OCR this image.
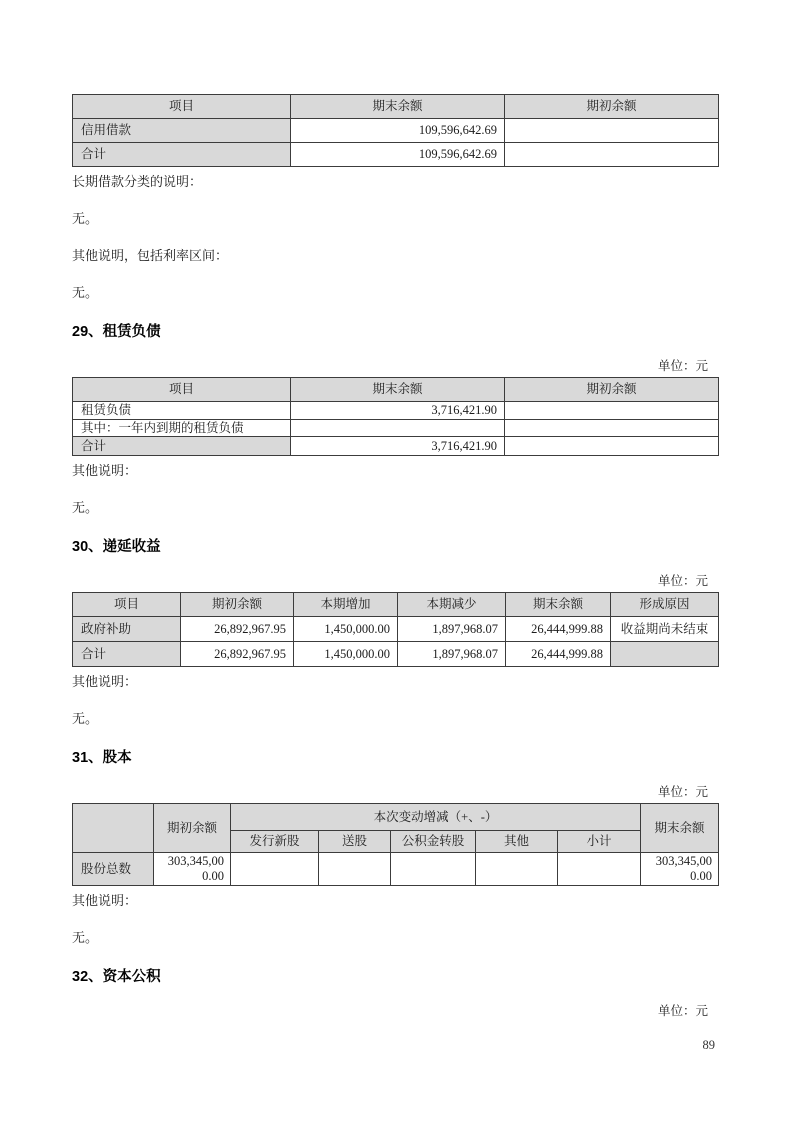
项目	期末余额	期初余额
信用借款	109,596,642.69	
合计	109,596,642.69	

长期借款分类的说明：

无。

其他说明，包括利率区间：

无。

29、租赁负债
单位：元
项目	期末余额	期初余额
租赁负债	3,716,421.90	
其中：一年内到期的租赁负债		
合计	3,716,421.90	

其他说明：

无。

30、递延收益
单位：元
项目	期初余额	本期增加	本期减少	期末余额	形成原因
政府补助	26,892,967.95	1,450,000.00	1,897,968.07	26,444,999.88	收益期尚未结束
合计	26,892,967.95	1,450,000.00	1,897,968.07	26,444,999.88	

其他说明：

无。

31、股本
单位：元
	期初余额	本次变动增减（+、-）					期末余额
		发行新股	送股	公积金转股	其他	小计	
股份总数	303,345,000.00						303,345,000.00

其他说明：

无。

32、资本公积
单位：元
89
